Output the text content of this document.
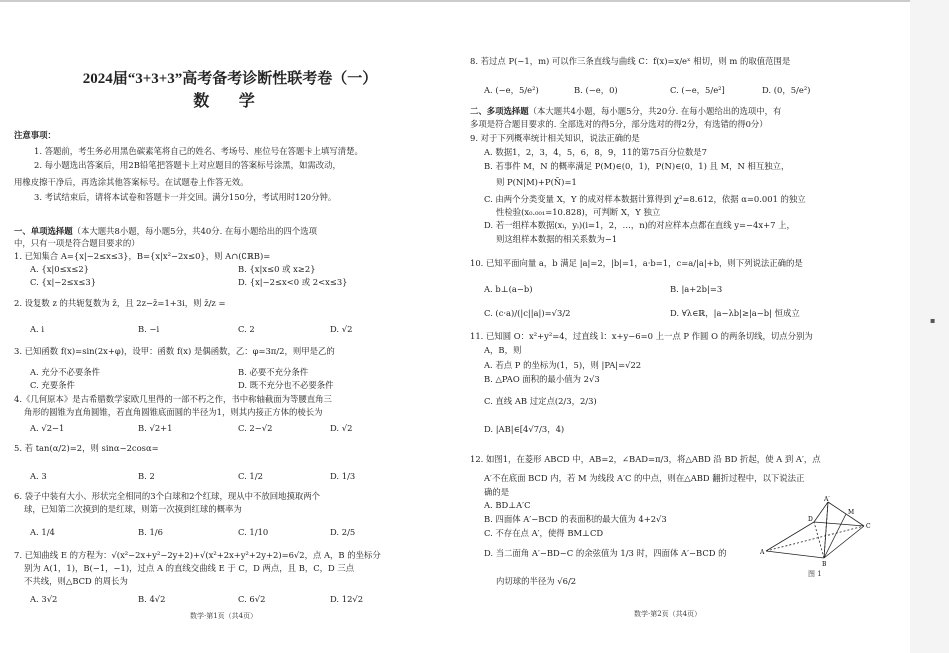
2024届“3+3+3”高考备考诊断性联考卷（一）
数 学
注意事项：
1. 答题前，考生务必用黑色碳素笔将自己的姓名、考场号、座位号在答题卡上填写清楚。
2. 每小题选出答案后，用2B铅笔把答题卡上对应题目的答案标号涂黑，如需改动，
用橡皮擦干净后，再选涂其他答案标号。在试题卷上作答无效。
3. 考试结束后，请将本试卷和答题卡一并交回。满分150分，考试用时120分钟。
一、单项选择题（本大题共8小题，每小题5分，共40分. 在每小题给出的四个选项
中，只有一项是符合题目要求的）
1. 已知集合 A={x|−2≤x≤3}，B={x|x²−2x≤0}，则 A∩(∁ℝB)=
A. {x|0≤x≤2}	B. {x|x≤0 或 x≥2}
C. {x|−2≤x≤3}	D. {x|−2≤x<0 或 2<x≤3}
2. 设复数 z 的共轭复数为 z̄，且 2z−z̄=1+3i，则 z̄/z =
A. i	B. −i	C. 2	D. √2
3. 已知函数 f(x)=sin(2x+φ)，设甲：函数 f(x) 是偶函数，乙：φ=3π/2，则甲是乙的
A. 充分不必要条件	B. 必要不充分条件
C. 充要条件	D. 既不充分也不必要条件
4.《几何原本》是古希腊数学家欧几里得的一部不朽之作，书中称轴截面为等腰直角三
角形的圆锥为直角圆锥，若直角圆锥底面圆的半径为1，则其内接正方体的棱长为
A. √2−1	B. √2+1	C. 2−√2	D. √2
5. 若 tan(α/2)=2，则 sinα−2cosα=
A. 3	B. 2	C. 1/2	D. 1/3
6. 袋子中装有大小、形状完全相同的3个白球和2个红球，现从中不放回地摸取两个
球，已知第二次摸到的是红球，则第一次摸到红球的概率为
A. 1/4	B. 1/6	C. 1/10	D. 2/5
7. 已知曲线 E 的方程为：√(x²−2x+y²−2y+2)+√(x²+2x+y²+2y+2)=6√2，点 A，B 的坐标分
别为 A(1，1)，B(−1，−1)，过点 A 的直线交曲线 E 于 C，D 两点，且 B，C，D 三点
不共线，则△BCD 的周长为
A. 3√2	B. 4√2	C. 6√2	D. 12√2
数学·第1页（共4页）
8. 若过点 P(−1，m) 可以作三条直线与曲线 C：f(x)=x/eˣ 相切，则 m 的取值范围是
A. (−e，5/e²)	B. (−e，0)	C. (−e，5/e²]	D. (0，5/e²)
二、多项选择题（本大题共4小题，每小题5分，共20分. 在每小题给出的选项中，有
多项是符合题目要求的. 全部选对的得5分，部分选对的得2分，有选错的得0分）
9. 对于下列概率统计相关知识，说法正确的是
A. 数据1，2，3，4，5，6，8，9，11的第75百分位数是7
B. 若事件 M，N 的概率满足 P(M)∈(0，1)，P(N)∈(0，1) 且 M，N 相互独立，
则 P(N|M)+P(N̄)=1
C. 由两个分类变量 X，Y 的成对样本数据计算得到 χ²=8.612，依据 α=0.001 的独立
性检验(x₀.₀₀₁=10.828)，可判断 X，Y 独立
D. 若一组样本数据(xᵢ，yᵢ)(i=1，2，…，n)的对应样本点都在直线 y=−4x+7 上，
则这组样本数据的相关系数为−1
10. 已知平面向量 a，b 满足 |a|=2，|b|=1，a·b=1，c=a/|a|+b，则下列说法正确的是
A. b⊥(a−b)	B. |a+2b|=3
C. (c·a)/(|c||a|)=√3/2	D. ∀λ∈ℝ，|a−λb|≥|a−b| 恒成立
11. 已知圆 O：x²+y²=4，过直线 l：x+y−6=0 上一点 P 作圆 O 的两条切线，切点分别为
A，B，则
A. 若点 P 的坐标为(1，5)，则 |PA|=√22
B. △PAO 面积的最小值为 2√3
C. 直线 AB 过定点(2/3，2/3)
D. |AB|∈[4√7/3，4)
12. 如图1，在菱形 ABCD 中，AB=2，∠BAD=π/3，将△ABD 沿 BD 折起，使 A 到 A′，点
A′不在底面 BCD 内，若 M 为线段 A′C 的中点，则在△ABD 翻折过程中，以下说法正
确的是
A. BD⊥A′C
B. 四面体 A′−BCD 的表面积的最大值为 4+2√3
C. 不存在点 A′，使得 BM⊥CD
D. 当二面角 A′−BD−C 的余弦值为 1/3 时，四面体 A′−BCD 的
内切球的半径为 √6/2
A′
A
B
C
D
M
图 1
数学·第2页（共4页）
▪
